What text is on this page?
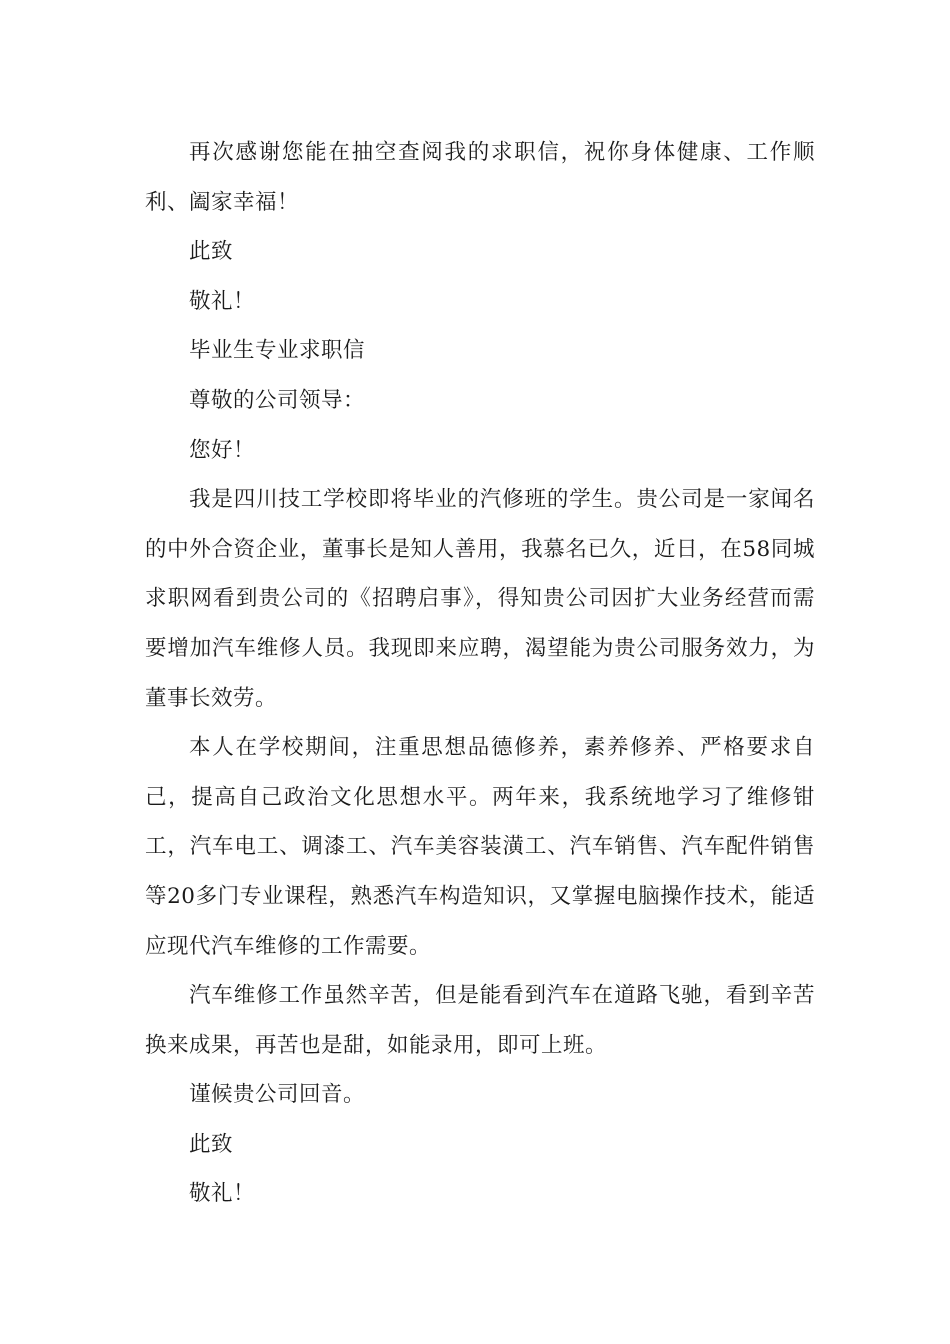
再次感谢您能在抽空查阅我的求职信，祝你身体健康、工作顺利、阖家幸福！

此致

敬礼！

毕业生专业求职信

尊敬的公司领导：

您好！

我是四川技工学校即将毕业的汽修班的学生。贵公司是一家闻名的中外合资企业，董事长是知人善用，我慕名已久，近日，在58同城求职网看到贵公司的《招聘启事》，得知贵公司因扩大业务经营而需要增加汽车维修人员。我现即来应聘，渴望能为贵公司服务效力，为董事长效劳。

本人在学校期间，注重思想品德修养，素养修养、严格要求自己，提高自己政治文化思想水平。两年来，我系统地学习了维修钳工，汽车电工、调漆工、汽车美容装潢工、汽车销售、汽车配件销售等20多门专业课程，熟悉汽车构造知识，又掌握电脑操作技术，能适应现代汽车维修的工作需要。

汽车维修工作虽然辛苦，但是能看到汽车在道路飞驰，看到辛苦换来成果，再苦也是甜，如能录用，即可上班。

谨候贵公司回音。

此致

敬礼！
